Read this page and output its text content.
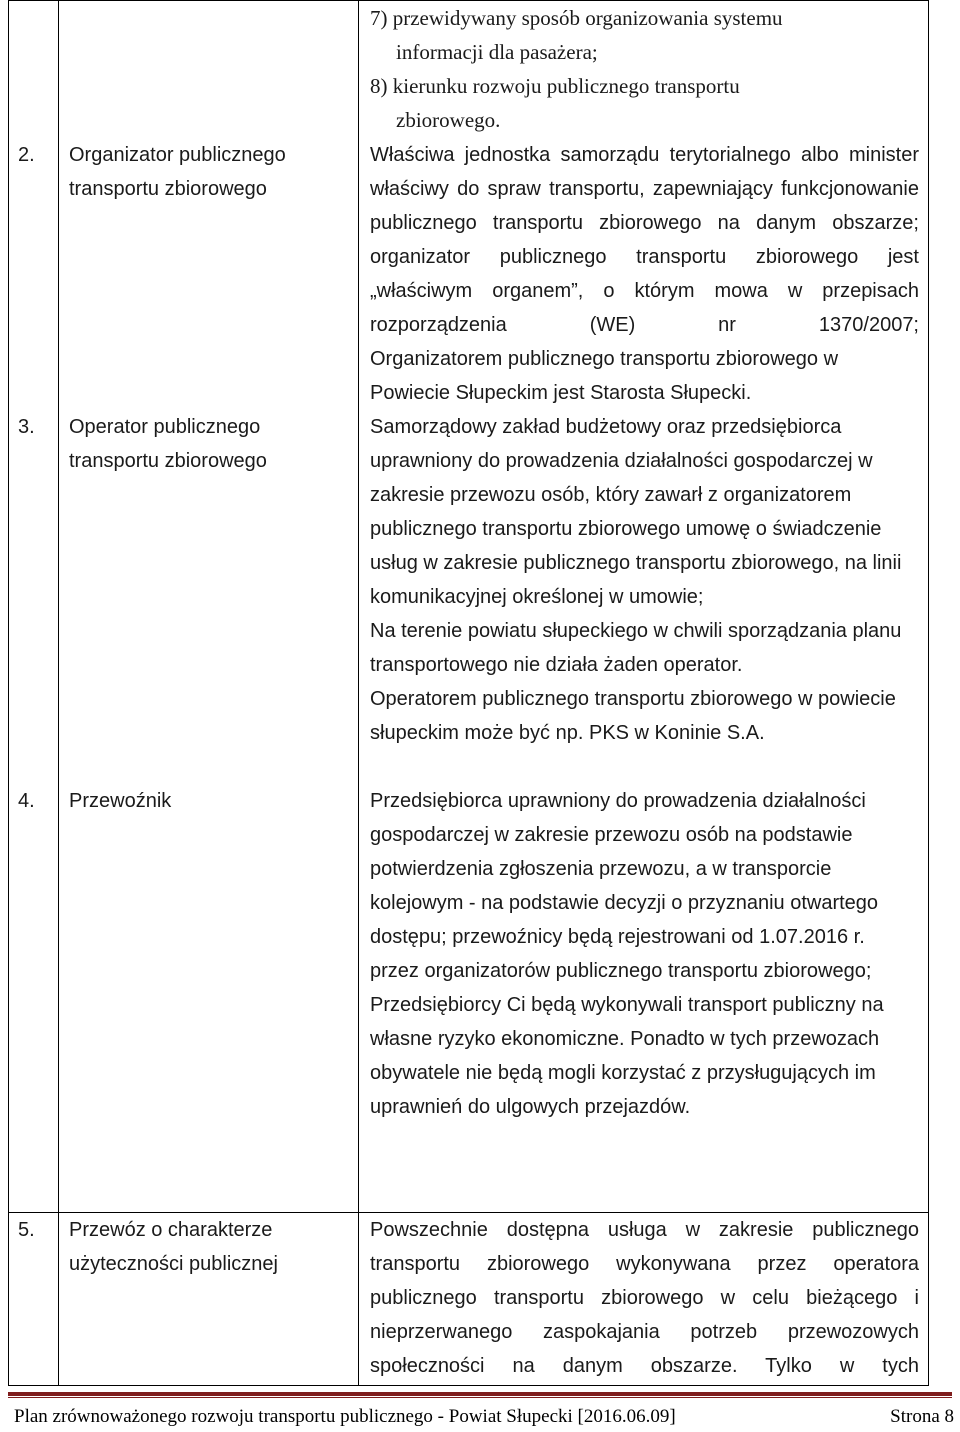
7) przewidywany sposób organizowania systemu
informacji dla pasażera;
8) kierunku rozwoju publicznego transportu
zbiorowego.
2. Organizator publicznego transportu zbiorowego

Właściwa jednostka samorządu terytorialnego albo minister właściwy do spraw transportu, zapewniający funkcjonowanie publicznego transportu zbiorowego na danym obszarze; organizator publicznego transportu zbiorowego jest „właściwym organem”, o którym mowa w przepisach rozporządzenia (WE) nr 1370/2007;

Organizatorem publicznego transportu zbiorowego w Powiecie Słupeckim jest Starosta Słupecki.

3. Operator publicznego transportu zbiorowego

Samorządowy zakład budżetowy oraz przedsiębiorca uprawniony do prowadzenia działalności gospodarczej w zakresie przewozu osób, który zawarł z organizatorem publicznego transportu zbiorowego umowę o świadczenie usług w zakresie publicznego transportu zbiorowego, na linii komunikacyjnej określonej w umowie;

Na terenie powiatu słupeckiego w chwili sporządzania planu transportowego nie działa żaden operator.

Operatorem publicznego transportu zbiorowego w powiecie słupeckim może być np. PKS w Koninie S.A.

4. Przewoźnik	Przedsiębiorca uprawniony do prowadzenia działalności gospodarczej w zakresie przewozu osób na podstawie potwierdzenia zgłoszenia przewozu, a w transporcie kolejowym - na podstawie decyzji o przyznaniu otwartego dostępu; przewoźnicy będą rejestrowani od 1.07.2016 r. przez organizatorów publicznego transportu zbiorowego;

Przedsiębiorcy Ci będą wykonywali transport publiczny na własne ryzyko ekonomiczne. Ponadto w tych przewozach obywatele nie będą mogli korzystać z przysługujących im uprawnień do ulgowych przejazdów.

5. Przewóz o charakterze użyteczności publicznej

Powszechnie dostępna usługa w zakresie publicznego transportu zbiorowego wykonywana przez operatora publicznego transportu zbiorowego w celu bieżącego i nieprzerwanego zaspokajania potrzeb przewozowych społeczności na danym obszarze. Tylko w tych

Plan zrównoważonego rozwoju transportu publicznego - Powiat Słupecki [2016.06.09]	Strona 8
